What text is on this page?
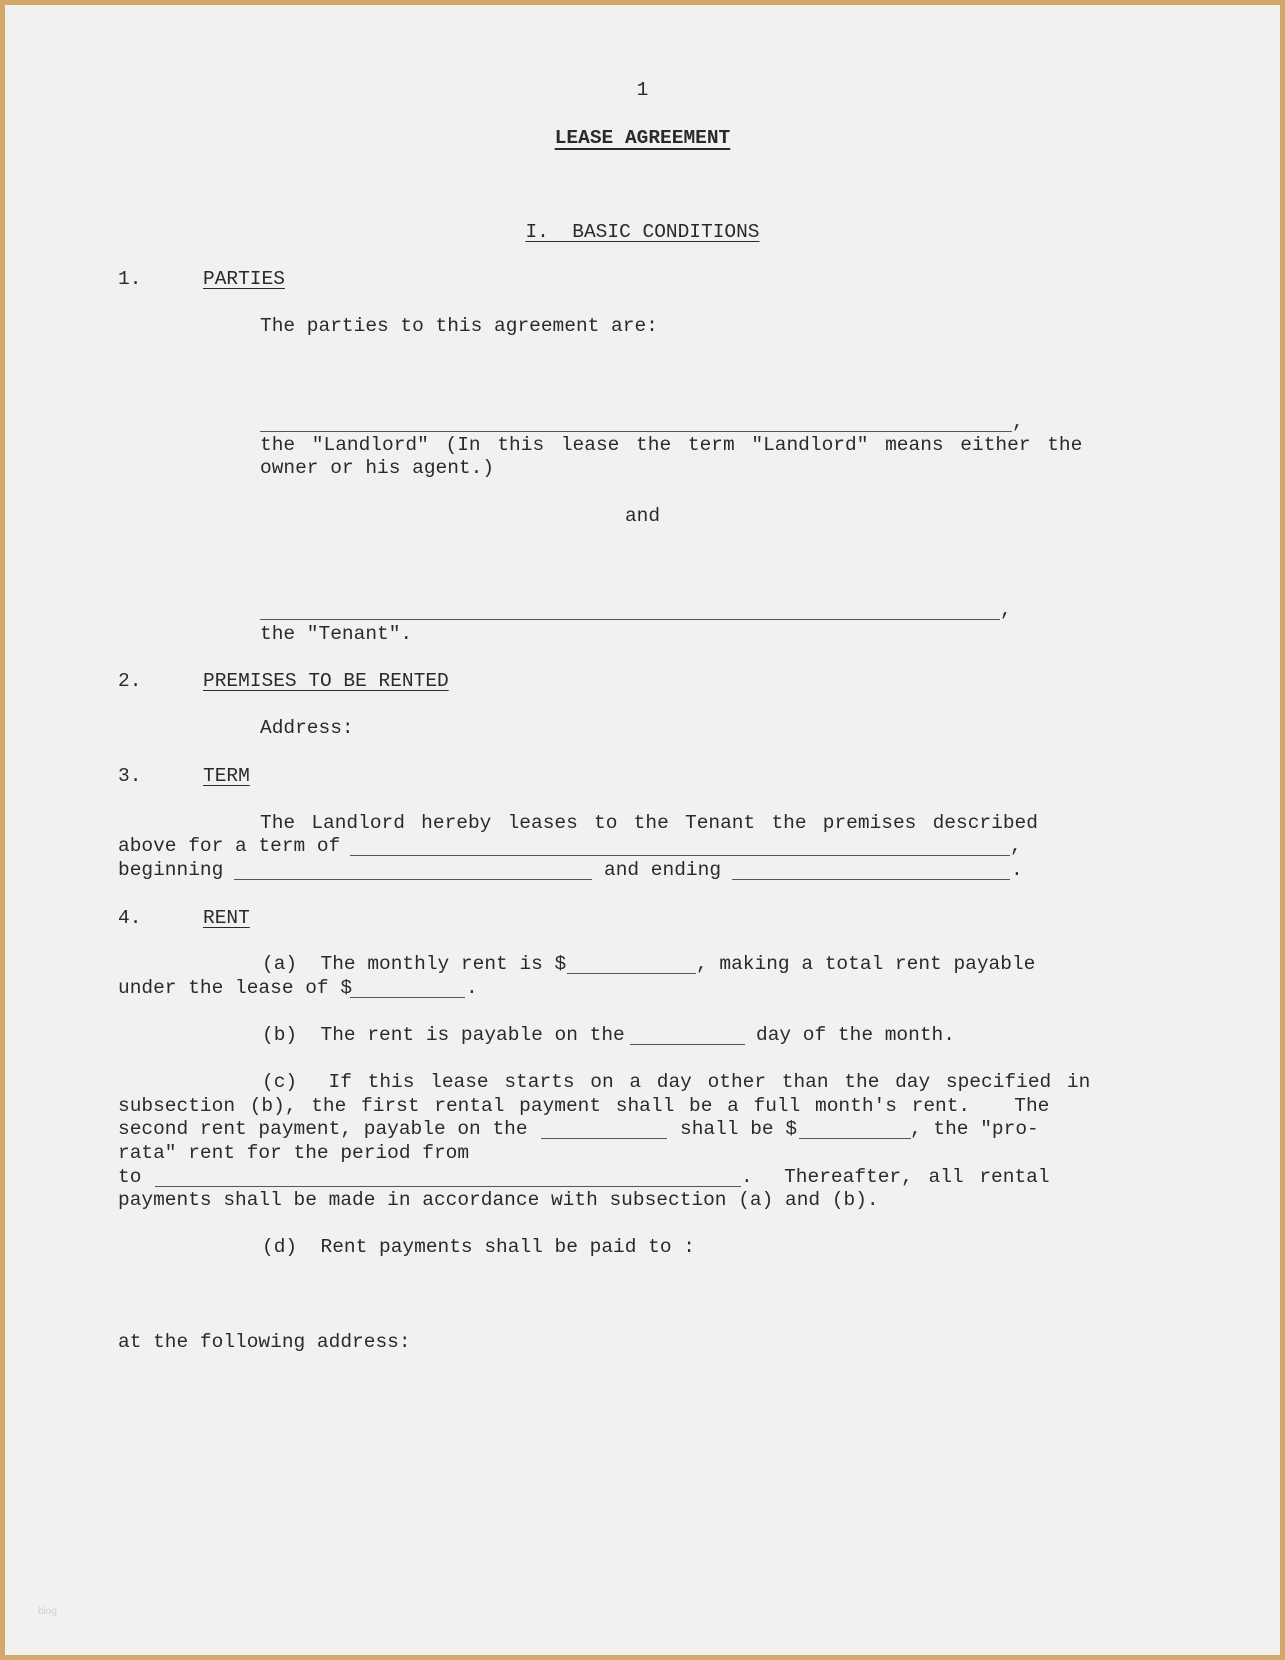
1
LEASE AGREEMENT
I.  BASIC CONDITIONS
1.	PARTIES
The parties to this agreement are:
,
the "Landlord" (In this lease the term "Landlord" means either the
owner or his agent.)
and
,
the "Tenant".
2.	PREMISES TO BE RENTED
Address:
3.	TERM
The Landlord hereby leases to the Tenant the premises described
above for a term of	,
beginning	and ending	.
4.	RENT
(a)  The monthly rent is $	, making a total rent payable
under the lease of $	.
(b)  The rent is payable on the	day of the month.
(c)  If this lease starts on a day other than the day specified in
subsection (b), the first rental payment shall be a full month's rent.   The
second rent payment, payable on the	shall be $	, the "pro-
rata" rent for the period from
to	.  Thereafter, all rental
payments shall be made in accordance with subsection (a) and (b).
(d)  Rent payments shall be paid to :
at the following address:
blog
